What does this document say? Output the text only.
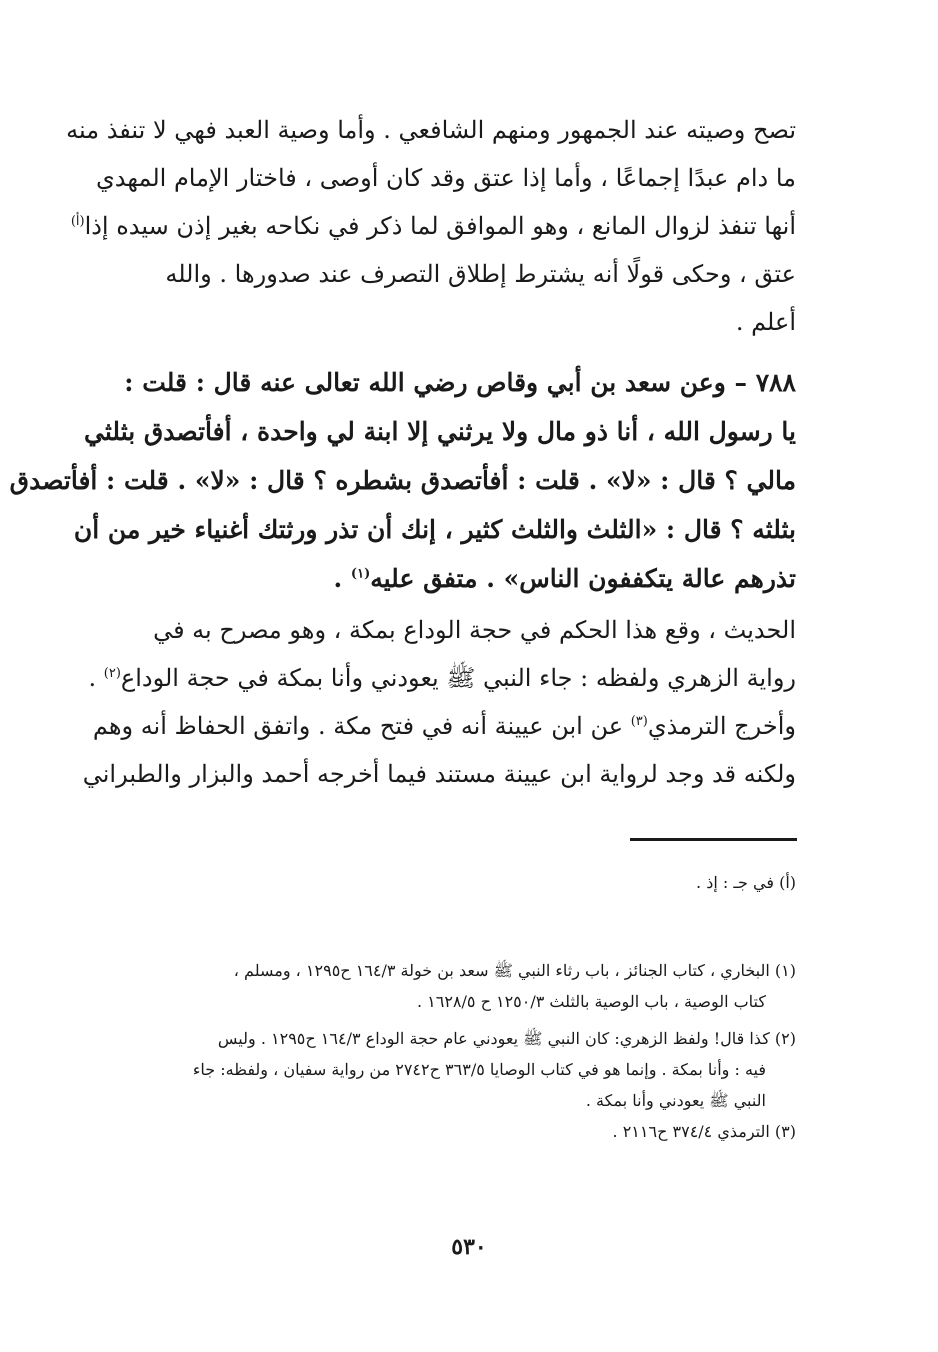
تصح وصيته عند الجمهور ومنهم الشافعي . وأما وصية العبد فهي لا تنفذ منه
ما دام عبدًا إجماعًا ، وأما إذا عتق وقد كان أوصى ، فاختار الإمام المهدي
أنها تنفذ لزوال المانع ، وهو الموافق لما ذكر في نكاحه بغير إذن سيده إذا$^{(أ)}$
عتق ، وحكى قولًا أنه يشترط إطلاق التصرف عند صدورها . والله
أعلم .
٧٨٨ – وعن سعد بن أبي وقاص رضي الله تعالى عنه قال : قلت :
يا رسول الله ، أنا ذو مال ولا يرثني إلا ابنة لي واحدة ، أفأتصدق بثلثي
مالي ؟ قال : «لا» . قلت : أفأتصدق بشطره ؟ قال : «لا» . قلت : أفأتصدق
بثلثه ؟ قال : «الثلث والثلث كثير ، إنك أن تذر ورثتك أغنياء خير من أن
تذرهم عالة يتكففون الناس» . متفق عليه$^{(١)}$ .
الحديث ، وقع هذا الحكم في حجة الوداع بمكة ، وهو مصرح به في
رواية الزهري ولفظه : جاء النبي ﷺ يعودني وأنا بمكة في حجة الوداع$^{(٢)}$ .
وأخرج الترمذي$^{(٣)}$ عن ابن عيينة أنه في فتح مكة . واتفق الحفاظ أنه وهم
ولكنه قد وجد لرواية ابن عيينة مستند فيما أخرجه أحمد والبزار والطبراني
(أ) في جـ : إذ .
(١) البخاري ، كتاب الجنائز ، باب رثاء النبي ﷺ سعد بن خولة ١٦٤/٣ ح١٢٩٥ ، ومسلم ،
كتاب الوصية ، باب الوصية بالثلث ١٢٥٠/٣ ح ١٦٢٨/٥ .
(٢) كذا قال! ولفظ الزهري: كان النبي ﷺ يعودني عام حجة الوداع ١٦٤/٣ ح١٢٩٥ . وليس
فيه : وأنا بمكة . وإنما هو في كتاب الوصايا ٣٦٣/٥ ح٢٧٤٢ من رواية سفيان ، ولفظه: جاء
النبي ﷺ يعودني وأنا بمكة .
(٣) الترمذي ٣٧٤/٤ ح٢١١٦ .
٥٣٠
